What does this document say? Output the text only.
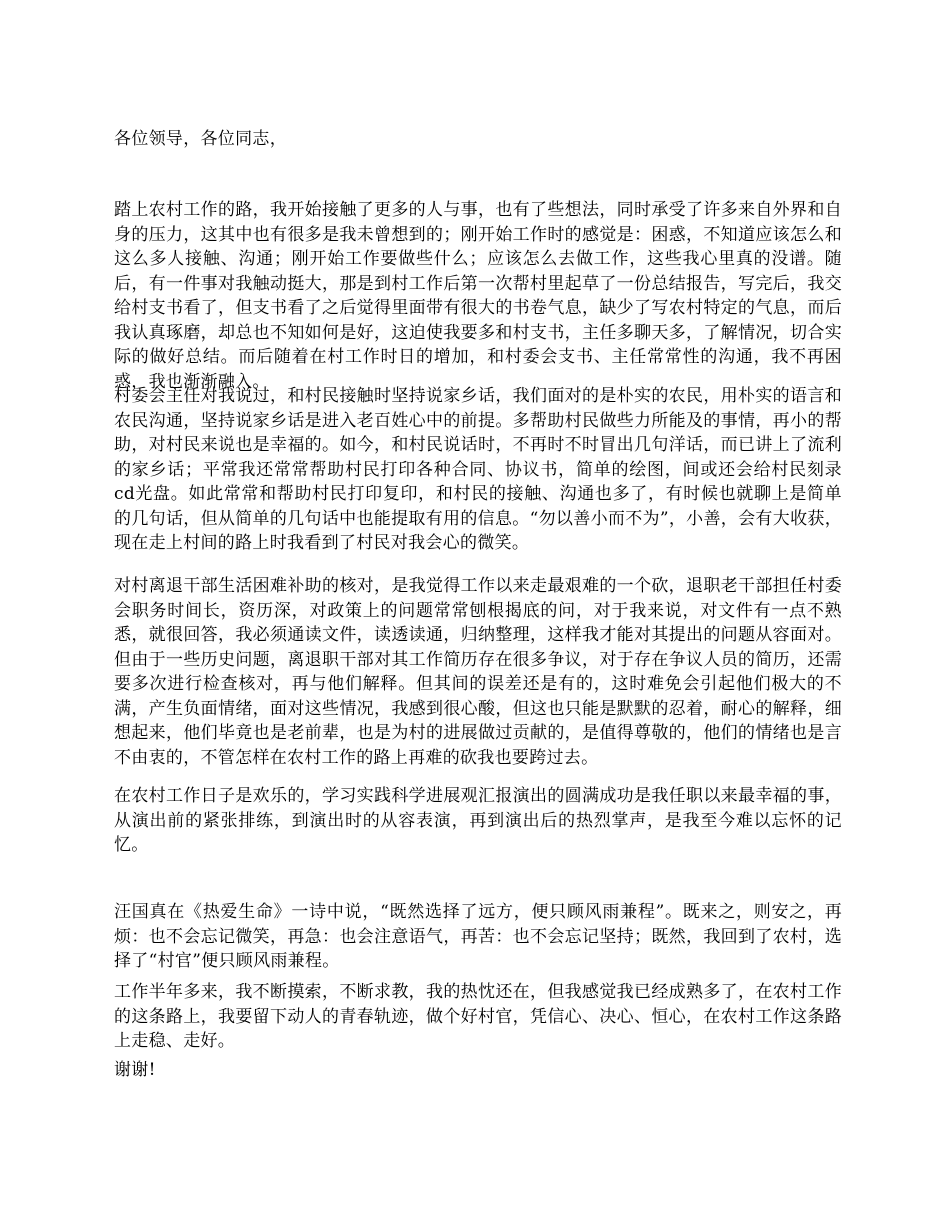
各位领导，各位同志，

踏上农村工作的路，我开始接触了更多的人与事，也有了些想法，同时承受了许多来自外界和自身的压力，这其中也有很多是我未曾想到的；刚开始工作时的感觉是：困惑，不知道应该怎么和这么多人接触、沟通；刚开始工作要做些什么；应该怎么去做工作，这些我心里真的没谱。随后，有一件事对我触动挺大，那是到村工作后第一次帮村里起草了一份总结报告，写完后，我交给村支书看了，但支书看了之后觉得里面带有很大的书卷气息，缺少了写农村特定的气息，而后我认真琢磨，却总也不知如何是好，这迫使我要多和村支书，主任多聊天多，了解情况，切合实际的做好总结。而后随着在村工作时日的增加，和村委会支书、主任常常性的沟通，我不再困惑，我也渐渐融入。

村委会主任对我说过，和村民接触时坚持说家乡话，我们面对的是朴实的农民，用朴实的语言和农民沟通，坚持说家乡话是进入老百姓心中的前提。多帮助村民做些力所能及的事情，再小的帮助，对村民来说也是幸福的。如今，和村民说话时，不再时不时冒出几句洋话，而已讲上了流利的家乡话；平常我还常常帮助村民打印各种合同、协议书，简单的绘图，间或还会给村民刻录cd光盘。如此常常和帮助村民打印复印，和村民的接触、沟通也多了，有时候也就聊上是简单的几句话，但从简单的几句话中也能提取有用的信息。“勿以善小而不为”，小善，会有大收获，现在走上村间的路上时我看到了村民对我会心的微笑。

对村离退干部生活困难补助的核对，是我觉得工作以来走最艰难的一个砍，退职老干部担任村委会职务时间长，资历深，对政策上的问题常常刨根揭底的问，对于我来说，对文件有一点不熟悉，就很回答，我必须通读文件，读透读通，归纳整理，这样我才能对其提出的问题从容面对。但由于一些历史问题，离退职干部对其工作简历存在很多争议，对于存在争议人员的简历，还需要多次进行检查核对，再与他们解释。但其间的误差还是有的，这时难免会引起他们极大的不满，产生负面情绪，面对这些情况，我感到很心酸，但这也只能是默默的忍着，耐心的解释，细想起来，他们毕竟也是老前辈，也是为村的进展做过贡献的，是值得尊敬的，他们的情绪也是言不由衷的，不管怎样在农村工作的路上再难的砍我也要跨过去。

在农村工作日子是欢乐的，学习实践科学进展观汇报演出的圆满成功是我任职以来最幸福的事，从演出前的紧张排练，到演出时的从容表演，再到演出后的热烈掌声，是我至今难以忘怀的记忆。

汪国真在《热爱生命》一诗中说，“既然选择了远方，便只顾风雨兼程”。既来之，则安之，再烦：也不会忘记微笑，再急：也会注意语气，再苦：也不会忘记坚持；既然，我回到了农村，选择了“村官”便只顾风雨兼程。

工作半年多来，我不断摸索，不断求教，我的热忱还在，但我感觉我已经成熟多了，在农村工作的这条路上，我要留下动人的青春轨迹，做个好村官，凭信心、决心、恒心，在农村工作这条路上走稳、走好。

谢谢!
